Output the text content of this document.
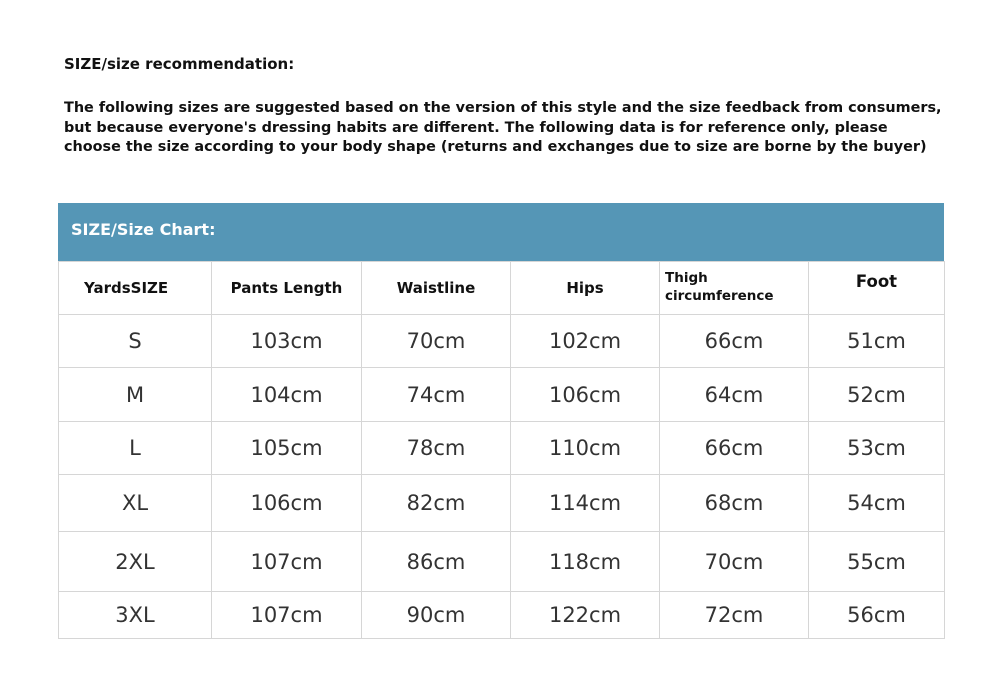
SIZE/size recommendation:
The following sizes are suggested based on the version of this style and the size feedback from consumers,
but because everyone's dressing habits are different. The following data is for reference only, please
choose the size according to your body shape (returns and exchanges due to size are borne by the buyer)
SIZE/Size Chart:
YardsSIZE	Pants Length	Waistline	Hips	Thigh circumference	Foot
S	103cm	70cm	102cm	66cm	51cm
M	104cm	74cm	106cm	64cm	52cm
L	105cm	78cm	110cm	66cm	53cm
XL	106cm	82cm	114cm	68cm	54cm
2XL	107cm	86cm	118cm	70cm	55cm
3XL	107cm	90cm	122cm	72cm	56cm
